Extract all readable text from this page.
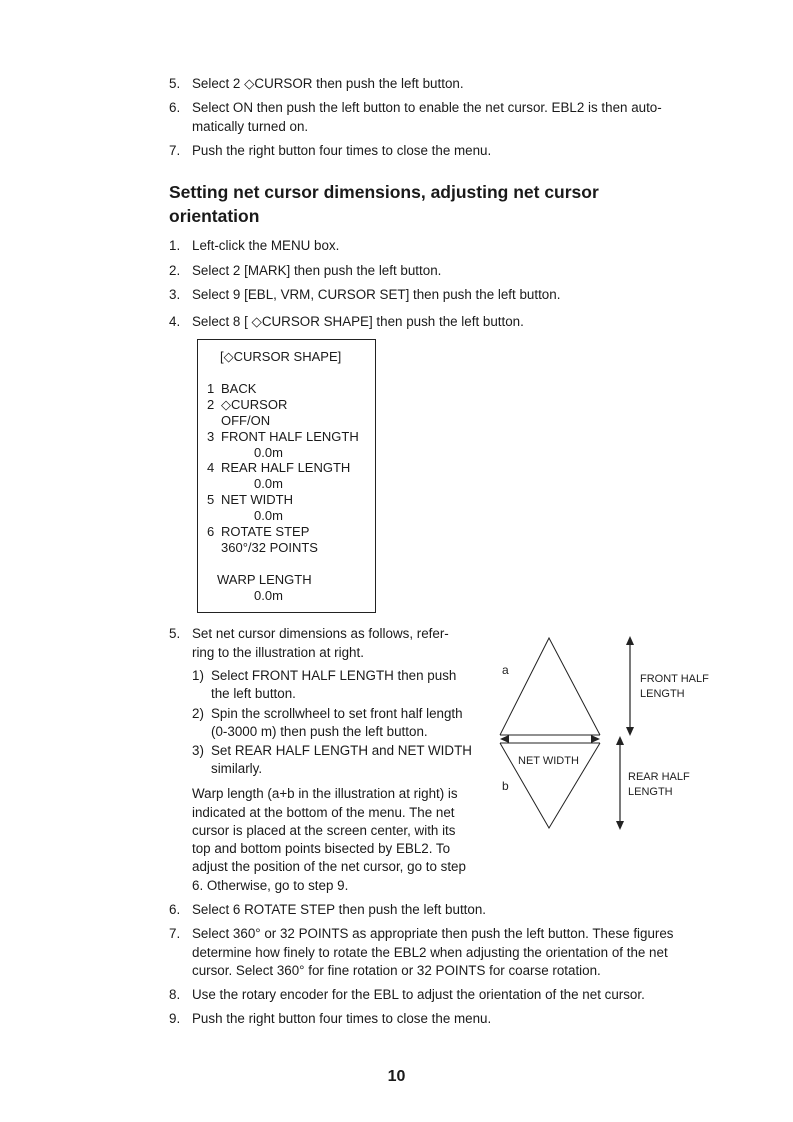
5. Select 2 ◇CURSOR then push the left button.
6. Select ON then push the left button to enable the net cursor. EBL2 is then auto-
matically turned on.
7. Push the right button four times to close the menu.
Setting net cursor dimensions, adjusting net cursor orientation
1. Left-click the MENU box.
2. Select 2 [MARK] then push the left button.
3. Select 9 [EBL, VRM, CURSOR SET] then push the left button.
4. Select 8 [ ◇CURSOR SHAPE] then push the left button.
[◇CURSOR SHAPE]
1 BACK
2 ◇CURSOR
OFF/ON
3 FRONT HALF LENGTH
0.0m
4 REAR HALF LENGTH
0.0m
5 NET WIDTH
0.0m
6 ROTATE STEP
360°/32 POINTS
WARP LENGTH
0.0m
5. Set net cursor dimensions as follows, refer-
ring to the illustration at right.
1) Select FRONT HALF LENGTH then push
the left button.
2) Spin the scrollwheel to set front half length
(0-3000 m) then push the left button.
3) Set REAR HALF LENGTH and NET WIDTH
similarly.
Warp length (a+b in the illustration at right) is
indicated at the bottom of the menu. The net
cursor is placed at the screen center, with its
top and bottom points bisected by EBL2. To
adjust the position of the net cursor, go to step
6. Otherwise, go to step 9.
a
b
NET WIDTH
FRONT HALF
LENGTH
REAR HALF
LENGTH
6. Select 6 ROTATE STEP then push the left button.
7. Select 360° or 32 POINTS as appropriate then push the left button. These figures
determine how finely to rotate the EBL2 when adjusting the orientation of the net
cursor. Select 360° for fine rotation or 32 POINTS for coarse rotation.
8. Use the rotary encoder for the EBL to adjust the orientation of the net cursor.
9. Push the right button four times to close the menu.
10
